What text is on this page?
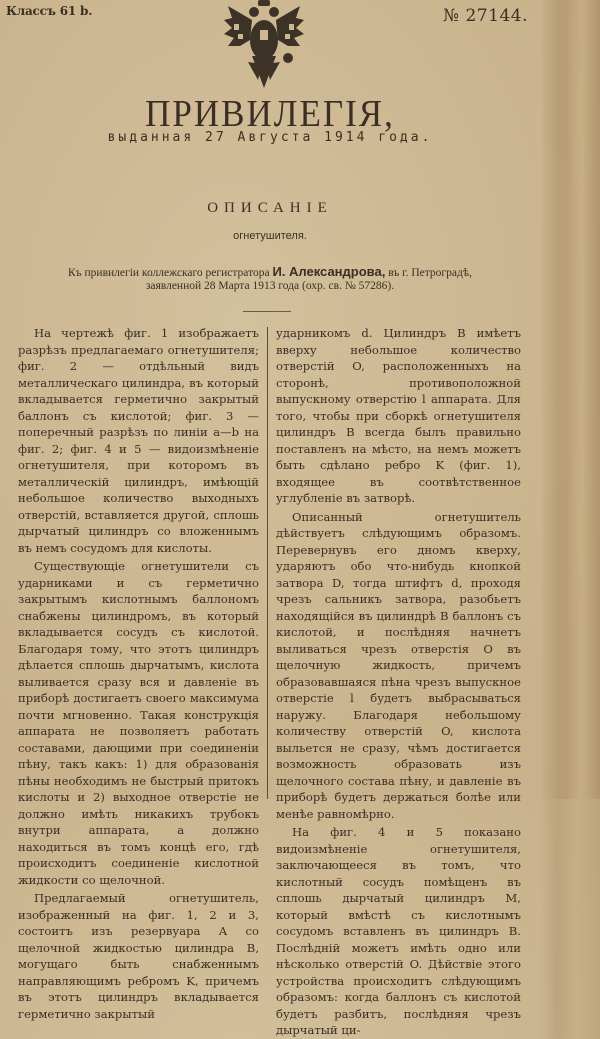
Классъ 61 b.	№ 27144.
ПРИВИЛЕГІЯ,
выданная 27 Августа 1914 года.
ОПИСАНІЕ
огнетушителя.
Къ привилегіи коллежскаго регистратора И. Александрова, въ г. Петроградѣ,
заявленной 28 Марта 1913 года (охр. св. № 57286).

На чертежѣ фиг. 1 изображаетъ разрѣзъ предлагаемаго огнетушителя; фиг. 2 — отдѣльный видъ металлическаго цилиндра, въ который вкладывается герметично закрытый баллонъ съ кислотой; фиг. 3 — поперечный разрѣзъ по линіи a—b на фиг. 2; фиг. 4 и 5 — видоизмѣненіе огнетушителя, при которомъ въ металлическій цилиндръ, имѣющій небольшое количество выходныхъ отверстій, вставляется другой, сплошь дырчатый цилиндръ со вложеннымъ въ немъ сосудомъ для кислоты.

Существующіе огнетушители съ ударниками и съ герметично закрытымъ кислотнымъ баллономъ снабжены цилиндромъ, въ который вкладывается сосудъ съ кислотой. Благодаря тому, что этотъ цилиндръ дѣлается сплошь дырчатымъ, кислота выливается сразу вся и давленіе въ приборѣ достигаетъ своего максимума почти мгновенно. Такая конструкція аппарата не позволяетъ работать составами, дающими при соединеніи пѣну, такъ какъ: 1) для образованія пѣны необходимъ не быстрый притокъ кислоты и 2) выходное отверстіе не должно имѣть никакихъ трубокъ внутри аппарата, а должно находиться въ томъ концѣ его, гдѣ происходитъ соединеніе кислотной жидкости со щелочной.

Предлагаемый огнетушитель, изображенный на фиг. 1, 2 и 3, состоитъ изъ резервуара A со щелочной жидкостью цилиндра B, могущаго быть снабженнымъ направляющимъ ребромъ K, причемъ въ этотъ цилиндръ вкладывается герметично закрытый

ударникомъ d. Цилиндръ B имѣетъ вверху небольшое количество отверстій O, расположенныхъ на сторонѣ, противоположной выпускному отверстію l аппарата. Для того, чтобы при сборкѣ огнетушителя цилиндръ B всегда былъ правильно поставленъ на мѣсто, на немъ можетъ быть сдѣлано ребро K (фиг. 1), входящее въ соотвѣтственное углубленіе въ затворѣ.

Описанный огнетушитель дѣйствуетъ слѣдующимъ образомъ. Перевернувъ его дномъ кверху, ударяютъ обо что-нибудь кнопкой затвора D, тогда штифтъ d, проходя чрезъ сальникъ затвора, разобьетъ находящійся въ цилиндрѣ B баллонъ съ кислотой, и послѣдняя начнетъ выливаться чрезъ отверстія O въ щелочную жидкость, причемъ образовавшаяся пѣна чрезъ выпускное отверстіе l будетъ выбрасываться наружу. Благодаря небольшому количеству отверстій O, кислота выльется не сразу, чѣмъ достигается возможность образовать изъ щелочного состава пѣну, и давленіе въ приборѣ будетъ держаться болѣе или менѣе равномѣрно.

На фиг. 4 и 5 показано видоизмѣненіе огнетушителя, заключающееся въ томъ, что кислотный сосудъ помѣщенъ въ сплошь дырчатый цилиндръ M, который вмѣстѣ съ кислотнымъ сосудомъ вставленъ въ цилиндръ B. Послѣдній можетъ имѣть одно или нѣсколько отверстій O. Дѣйствіе этого устройства происходитъ слѣдующимъ образомъ: когда баллонъ съ кислотой будетъ разбитъ, послѣдняя чрезъ дырчатый ци-
